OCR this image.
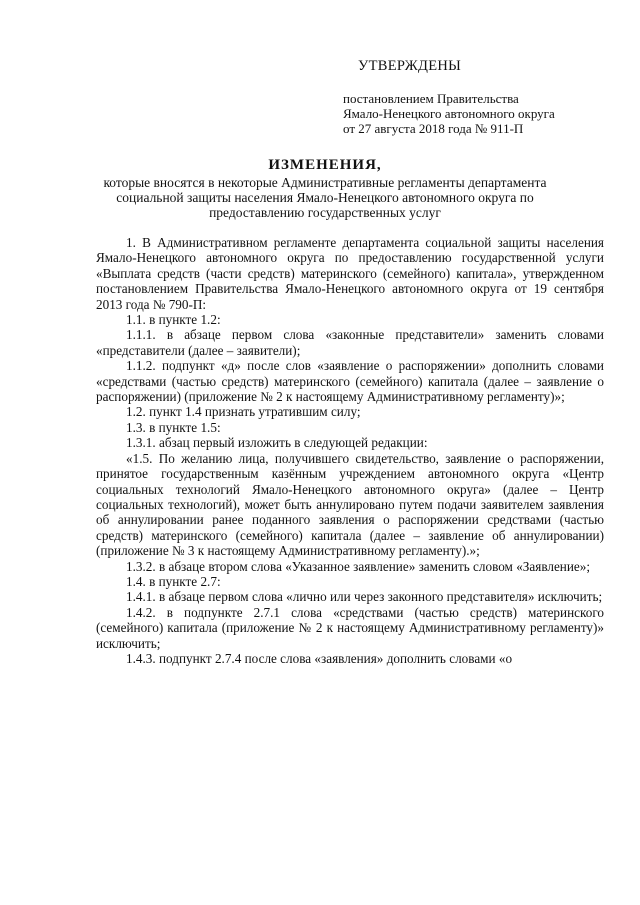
УТВЕРЖДЕНЫ
постановлением Правительства
Ямало-Ненецкого автономного округа
от 27 августа 2018 года № 911-П
ИЗМЕНЕНИЯ,
которые вносятся в некоторые Административные регламенты департамента социальной защиты населения Ямало-Ненецкого автономного округа по предоставлению государственных услуг

1. В Административном регламенте департамента социальной защиты населения Ямало-Ненецкого автономного округа по предоставлению государственной услуги «Выплата средств (части средств) материнского (семейного) капитала», утвержденном постановлением Правительства Ямало-Ненецкого автономного округа от 19 сентября 2013 года № 790-П:

1.1. в пункте 1.2:

1.1.1. в абзаце первом слова «законные представители» заменить словами «представители (далее – заявители);

1.1.2. подпункт «д» после слов «заявление о распоряжении» дополнить словами «средствами (частью средств) материнского (семейного) капитала (далее – заявление о распоряжении) (приложение № 2 к настоящему Административному регламенту)»;

1.2. пункт 1.4 признать утратившим силу;

1.3. в пункте 1.5:

1.3.1. абзац первый изложить в следующей редакции:

«1.5. По желанию лица, получившего свидетельство, заявление о распоряжении, принятое государственным казённым учреждением автономного округа «Центр социальных технологий Ямало-Ненецкого автономного округа» (далее – Центр социальных технологий), может быть аннулировано путем подачи заявителем заявления об аннулировании ранее поданного заявления о распоряжении средствами (частью средств) материнского (семейного) капитала (далее – заявление об аннулировании) (приложение № 3 к настоящему Административному регламенту).»;

1.3.2. в абзаце втором слова «Указанное заявление» заменить словом «Заявление»;

1.4. в пункте 2.7:

1.4.1. в абзаце первом слова «лично или через законного представителя» исключить;

1.4.2. в подпункте 2.7.1 слова «средствами (частью средств) материнского (семейного) капитала (приложение № 2 к настоящему Административному регламенту)» исключить;

1.4.3. подпункт 2.7.4 после слова «заявления» дополнить словами «о
